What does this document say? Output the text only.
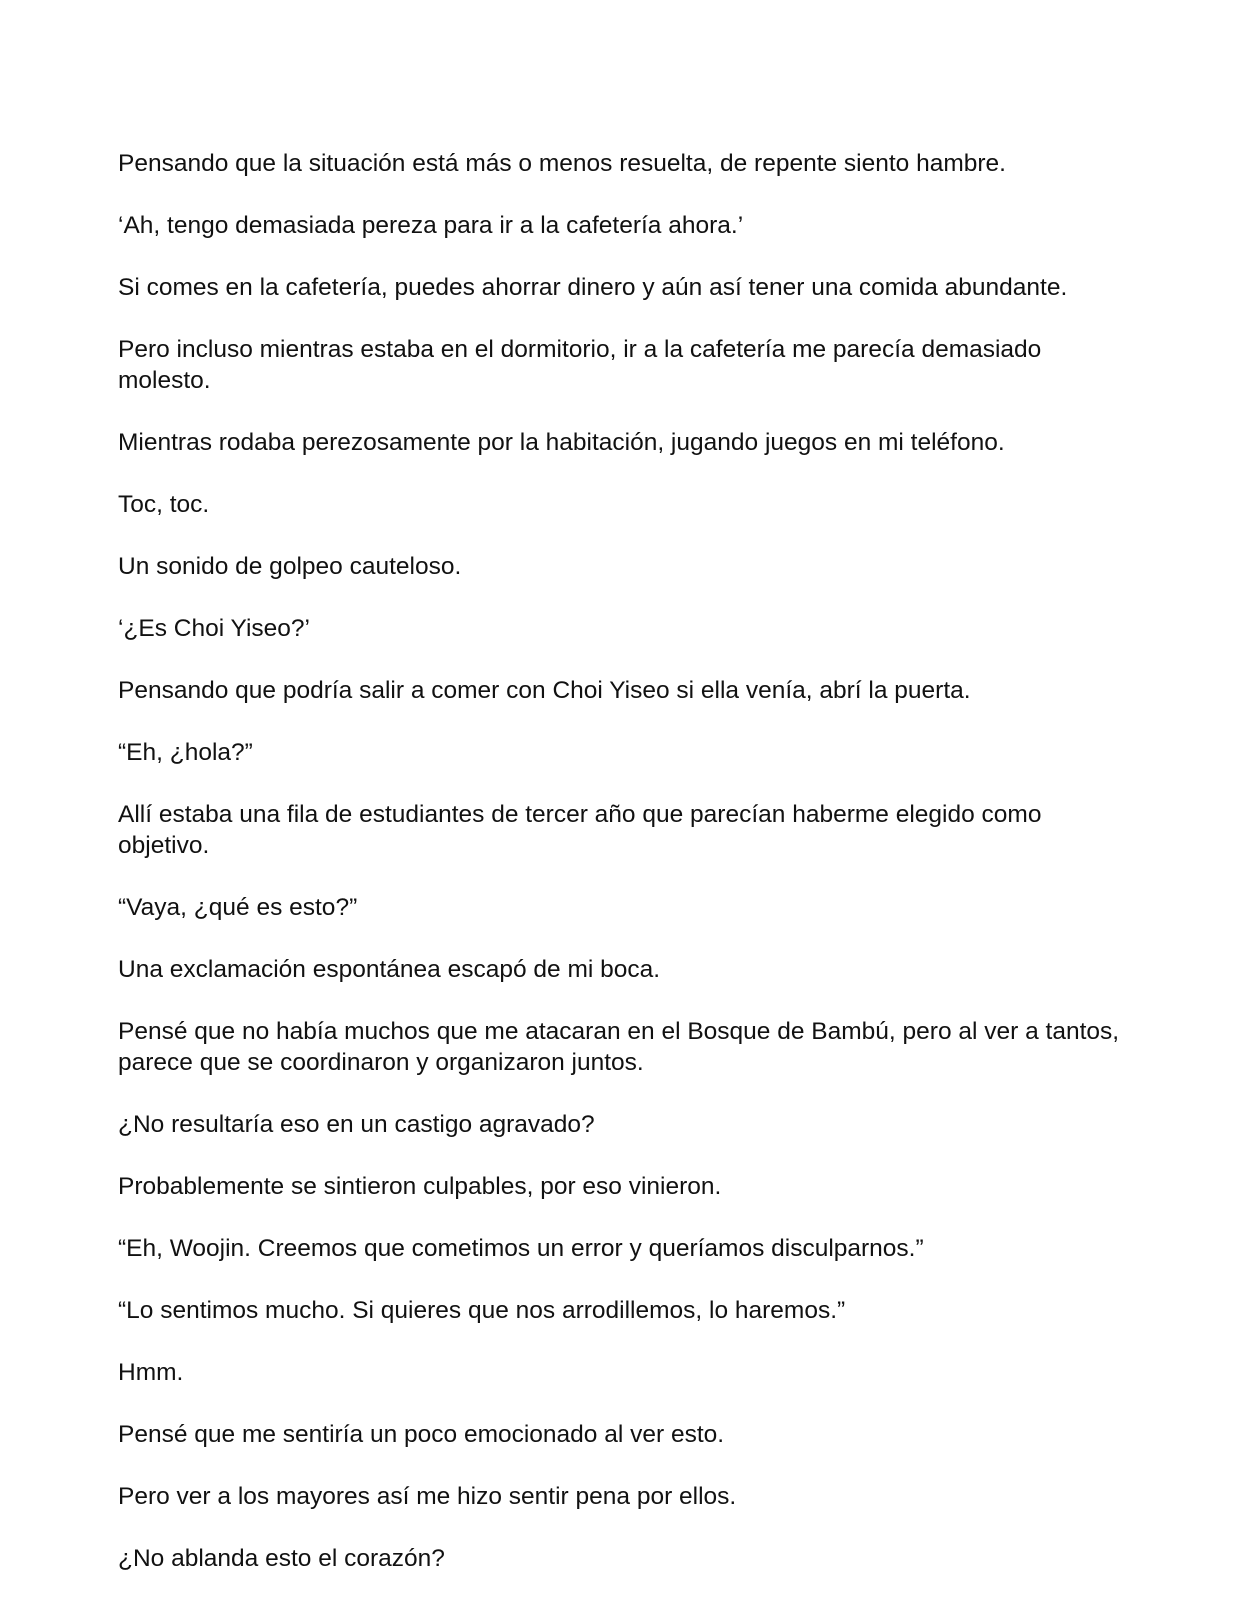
Pensando que la situación está más o menos resuelta, de repente siento hambre.

‘Ah, tengo demasiada pereza para ir a la cafetería ahora.’

Si comes en la cafetería, puedes ahorrar dinero y aún así tener una comida abundante.

Pero incluso mientras estaba en el dormitorio, ir a la cafetería me parecía demasiado molesto.

Mientras rodaba perezosamente por la habitación, jugando juegos en mi teléfono.

Toc, toc.

Un sonido de golpeo cauteloso.

‘¿Es Choi Yiseo?’

Pensando que podría salir a comer con Choi Yiseo si ella venía, abrí la puerta.

“Eh, ¿hola?”

Allí estaba una fila de estudiantes de tercer año que parecían haberme elegido como objetivo.

“Vaya, ¿qué es esto?”

Una exclamación espontánea escapó de mi boca.

Pensé que no había muchos que me atacaran en el Bosque de Bambú, pero al ver a tantos, parece que se coordinaron y organizaron juntos.

¿No resultaría eso en un castigo agravado?

Probablemente se sintieron culpables, por eso vinieron.

“Eh, Woojin. Creemos que cometimos un error y queríamos disculparnos.”

“Lo sentimos mucho. Si quieres que nos arrodillemos, lo haremos.”

Hmm.

Pensé que me sentiría un poco emocionado al ver esto.

Pero ver a los mayores así me hizo sentir pena por ellos.

¿No ablanda esto el corazón?
